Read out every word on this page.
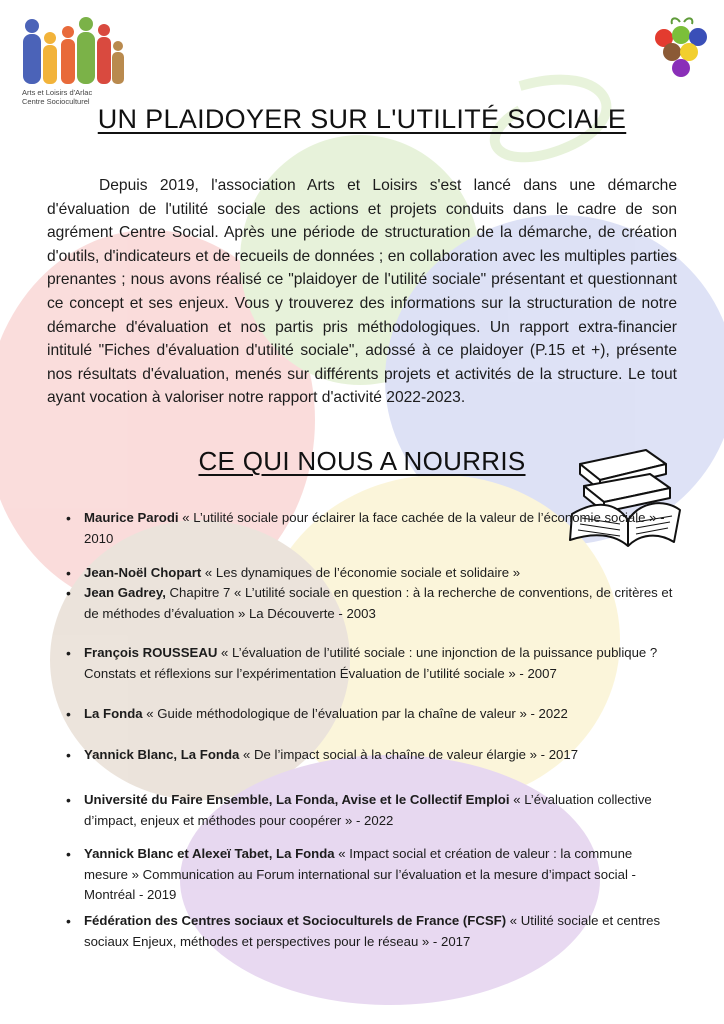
Arts et Loisirs d'Arlac
Centre Socioculturel
UN PLAIDOYER SUR L'UTILITÉ SOCIALE

Depuis 2019, l'association Arts et Loisirs s'est lancé dans une démarche d'évaluation de l'utilité sociale des actions et projets conduits dans le cadre de son agrément Centre Social. Après une période de structuration de la démarche, de création d'outils, d'indicateurs et de recueils de données ; en collaboration avec les multiples parties prenantes ; nous avons réalisé ce "plaidoyer de l'utilité sociale" présentant et questionnant ce concept et ses enjeux. Vous y trouverez des informations sur la structuration de notre démarche d'évaluation et nos partis pris méthodologiques. Un rapport extra-financier intitulé "Fiches d'évaluation d'utilité sociale", adossé à ce plaidoyer (P.15 et +), présente nos résultats d'évaluation, menés sur différents projets et activités de la structure. Le tout ayant vocation à valoriser notre rapport d'activité 2022-2023.

CE QUI NOUS A NOURRIS
• Maurice Parodi « L’utilité sociale pour éclairer la face cachée de la valeur de l’économie sociale » - 2010
• Jean-Noël Chopart « Les dynamiques de l’économie sociale et solidaire »
• Jean Gadrey, Chapitre 7 « L’utilité sociale en question : à la recherche de conventions, de critères et de méthodes d’évaluation » La Découverte - 2003
• François ROUSSEAU « L’évaluation de l’utilité sociale : une injonction de la puissance publique ? Constats et réflexions sur l’expérimentation Évaluation de l’utilité sociale » - 2007
• La Fonda « Guide méthodologique de l’évaluation par la chaîne de valeur » - 2022
• Yannick Blanc, La Fonda « De l’impact social à la chaîne de valeur élargie » - 2017
• Université du Faire Ensemble, La Fonda, Avise et le Collectif Emploi « L’évaluation collective d’impact, enjeux et méthodes pour coopérer » - 2022
• Yannick Blanc et Alexeï Tabet, La Fonda « Impact social et création de valeur : la commune mesure » Communication au Forum international sur l’évaluation et la mesure d’impact social - Montréal - 2019
• Fédération des Centres sociaux et Socioculturels de France (FCSF) « Utilité sociale et centres sociaux Enjeux, méthodes et perspectives pour le réseau » - 2017
